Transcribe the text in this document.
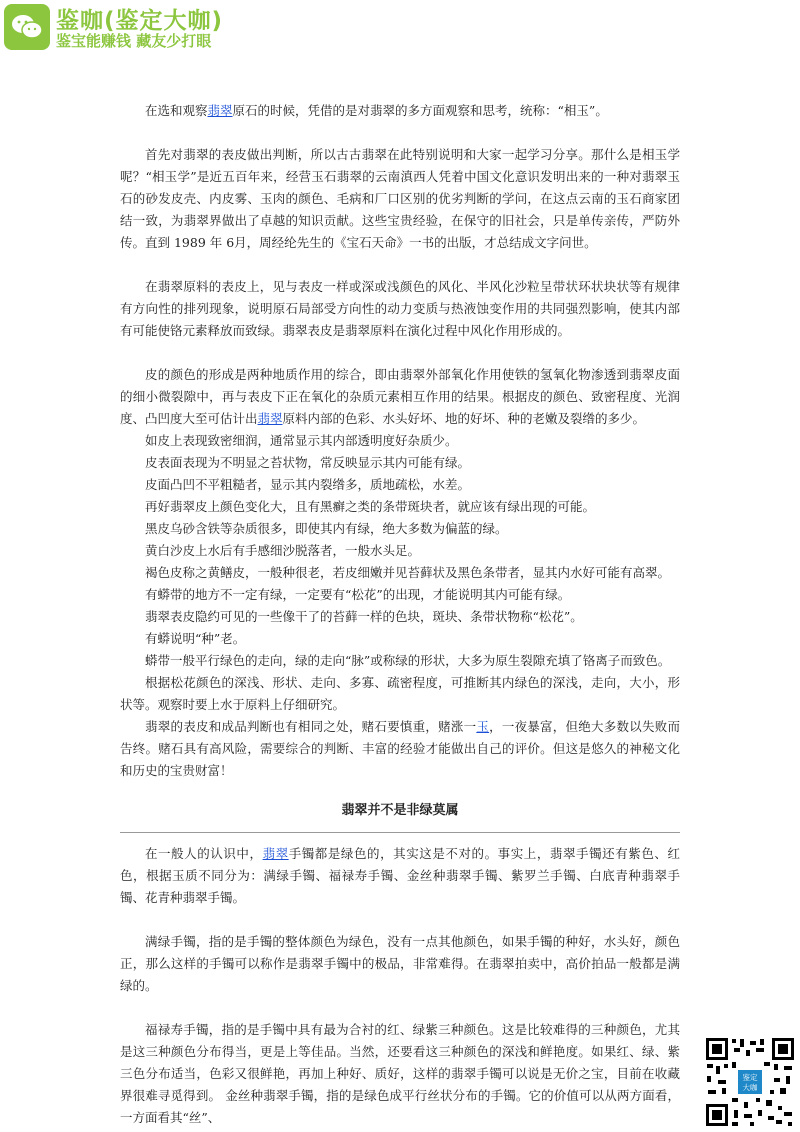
鉴咖(鉴定大咖)
鉴宝能赚钱 藏友少打眼

在选和观察翡翠原石的时候，凭借的是对翡翠的多方面观察和思考，统称：“相玉”。

首先对翡翠的表皮做出判断，所以古古翡翠在此特别说明和大家一起学习分享。那什么是相玉学呢？“相玉学”是近五百年来，经营玉石翡翠的云南滇西人凭着中国文化意识发明出来的一种对翡翠玉石的砂发皮壳、内皮雾、玉肉的颜色、毛病和厂口区别的优劣判断的学问，在这点云南的玉石商家团结一致，为翡翠界做出了卓越的知识贡献。这些宝贵经验，在保守的旧社会，只是单传亲传，严防外传。直到 1989 年 6月，周经纶先生的《宝石天命》一书的出版，才总结成文字问世。

在翡翠原料的表皮上，见与表皮一样或深或浅颜色的风化、半风化沙粒呈带状环状块状等有规律有方向性的排列现象，说明原石局部受方向性的动力变质与热液蚀变作用的共同强烈影响，使其内部有可能使铬元素释放而致绿。翡翠表皮是翡翠原料在演化过程中风化作用形成的。

皮的颜色的形成是两种地质作用的综合，即由翡翠外部氧化作用使铁的氢氧化物渗透到翡翠皮面的细小微裂隙中，再与表皮下正在氧化的杂质元素相互作用的结果。根据皮的颜色、致密程度、光润度、凸凹度大至可估计出翡翠原料内部的色彩、水头好坏、地的好坏、种的老嫩及裂绺的多少。

如皮上表现致密细润，通常显示其内部透明度好杂质少。

皮表面表现为不明显之苔状物，常反映显示其内可能有绿。

皮面凸凹不平粗糙者，显示其内裂绺多，质地疏松，水差。

再好翡翠皮上颜色变化大，且有黑癣之类的条带斑块者，就应该有绿出现的可能。

黑皮乌砂含铁等杂质很多，即使其内有绿，绝大多数为偏蓝的绿。

黄白沙皮上水后有手感细沙脱落者，一般水头足。

褐色皮称之黄鳝皮，一般种很老，若皮细嫩并见苔藓状及黑色条带者，显其内水好可能有高翠。

有蟒带的地方不一定有绿，一定要有“松花”的出现，才能说明其内可能有绿。

翡翠表皮隐约可见的一些像干了的苔藓一样的色块，斑块、条带状物称“松花”。

有蟒说明“种”老。

蟒带一般平行绿色的走向，绿的走向“脉”或称绿的形状，大多为原生裂隙充填了铬离子而致色。

根据松花颜色的深浅、形状、走向、多寡、疏密程度，可推断其内绿色的深浅，走向，大小，形状等。观察时要上水于原料上仔细研究。

翡翠的表皮和成品判断也有相同之处，赌石要慎重，赌涨一玉，一夜暴富，但绝大多数以失败而告终。赌石具有高风险，需要综合的判断、丰富的经验才能做出自己的评价。但这是悠久的神秘文化和历史的宝贵财富！

翡翠并不是非绿莫属

在一般人的认识中，翡翠手镯都是绿色的，其实这是不对的。事实上，翡翠手镯还有紫色、红色，根据玉质不同分为：满绿手镯、福禄寿手镯、金丝种翡翠手镯、紫罗兰手镯、白底青种翡翠手镯、花青种翡翠手镯。

满绿手镯，指的是手镯的整体颜色为绿色，没有一点其他颜色，如果手镯的种好，水头好，颜色正，那么这样的手镯可以称作是翡翠手镯中的极品，非常难得。在翡翠拍卖中，高价拍品一般都是满绿的。

福禄寿手镯，指的是手镯中具有最为合衬的红、绿紫三种颜色。这是比较难得的三种颜色，尤其是这三种颜色分布得当，更是上等佳品。当然，还要看这三种颜色的深浅和鲜艳度。如果红、绿、紫三色分布适当，色彩又很鲜艳，再加上种好、质好，这样的翡翠手镯可以说是无价之宝，目前在收藏界很难寻觅得到。 金丝种翡翠手镯，指的是绿色成平行丝状分布的手镯。它的价值可以从两方面看，一方面看其“丝”、

鉴定
大咖
